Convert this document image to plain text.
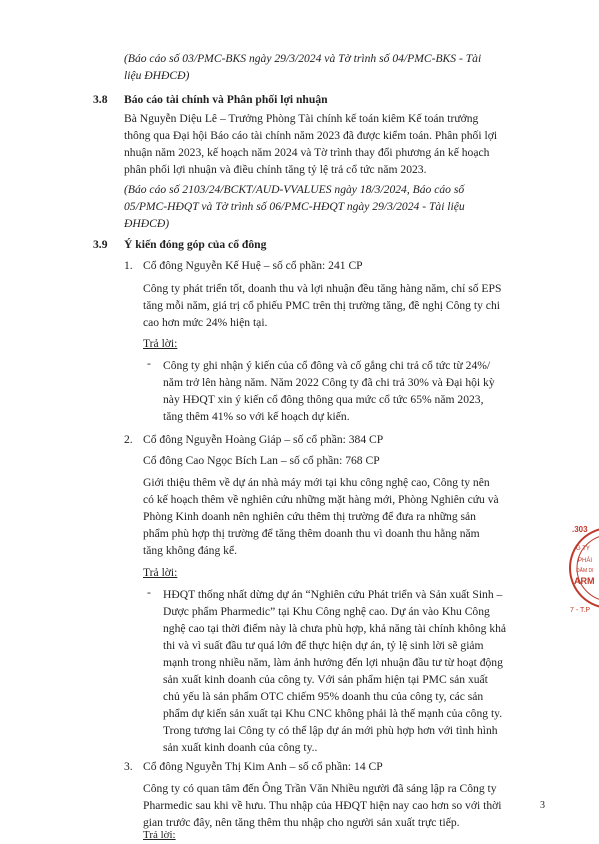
(Báo cáo số 03/PMC-BKS ngày 29/3/2024 và Tờ trình số 04/PMC-BKS - Tài
liệu ĐHĐCĐ)
3.8 Báo cáo tài chính và Phân phối lợi nhuận
Bà Nguyễn Diệu Lê – Trưởng Phòng Tài chính kế toán kiêm Kế toán trưởng
thông qua Đại hội Báo cáo tài chính năm 2023 đã được kiểm toán. Phân phối lợi
nhuận năm 2023, kế hoạch năm 2024 và Tờ trình thay đổi phương án kế hoạch
phân phối lợi nhuận và điều chỉnh tăng tỷ lệ trả cổ tức năm 2023.
(Báo cáo số 2103/24/BCKT/AUD-VVALUES ngày 18/3/2024, Báo cáo số
05/PMC-HĐQT và Tờ trình số 06/PMC-HĐQT ngày 29/3/2024 - Tài liệu
ĐHĐCĐ)
3.9 Ý kiến đóng góp của cổ đông
1. Cổ đông Nguyễn Kế Huệ – số cổ phần: 241 CP
Công ty phát triển tốt, doanh thu và lợi nhuận đều tăng hàng năm, chỉ số EPS
tăng mỗi năm, giá trị cổ phiếu PMC trên thị trường tăng, đề nghị Công ty chi
cao hơn mức 24% hiện tại.
Trả lời:
- Công ty ghi nhận ý kiến của cổ đông và cố gắng chi trả cổ tức từ 24%/
năm trở lên hàng năm. Năm 2022 Công ty đã chi trả 30% và Đại hội kỳ
này HĐQT xin ý kiến cổ đông thông qua mức cổ tức 65% năm 2023,
tăng thêm 41% so với kế hoạch dự kiến.
2. Cổ đông Nguyễn Hoàng Giáp – số cổ phần: 384 CP
Cổ đông Cao Ngọc Bích Lan – số cổ phần: 768 CP
Giới thiệu thêm về dự án nhà máy mới tại khu công nghệ cao, Công ty nên
có kế hoạch thêm về nghiên cứu những mặt hàng mới, Phòng Nghiên cứu và
Phòng Kinh doanh nên nghiên cứu thêm thị trường để đưa ra những sản
phẩm phù hợp thị trường để tăng thêm doanh thu vì doanh thu hằng năm
tăng không đáng kể.
Trả lời:
- HĐQT thống nhất dừng dự án “Nghiên cứu Phát triển và Sản xuất Sinh –
Dược phẩm Pharmedic” tại Khu Công nghệ cao. Dự án vào Khu Công
nghệ cao tại thời điểm này là chưa phù hợp, khả năng tài chính không khả
thi và vì suất đầu tư quá lớn để thực hiện dự án, tỷ lệ sinh lời sẽ giảm
mạnh trong nhiều năm, làm ảnh hưởng đến lợi nhuận đầu tư từ hoạt động
sản xuất kinh doanh của công ty. Với sản phẩm hiện tại PMC sản xuất
chủ yếu là sản phẩm OTC chiếm 95% doanh thu của công ty, các sản
phẩm dự kiến sản xuất tại Khu CNC không phải là thế mạnh của công ty.
Trong tương lai Công ty có thể lập dự án mới phù hợp hơn với tình hình
sản xuất kinh doanh của công ty..
3. Cổ đông Nguyễn Thị Kim Anh – số cổ phần: 14 CP
Công ty có quan tâm đến Ông Trần Văn Nhiều người đã sáng lập ra Công ty
Pharmedic sau khi về hưu. Thu nhập của HĐQT hiện nay cao hơn so với thời
gian trước đây, nên tăng thêm thu nhập cho người sản xuất trực tiếp.
Trả lời:
3
.303
G TY
PHÁI
DẤM DI
ARM
7 - T.P
